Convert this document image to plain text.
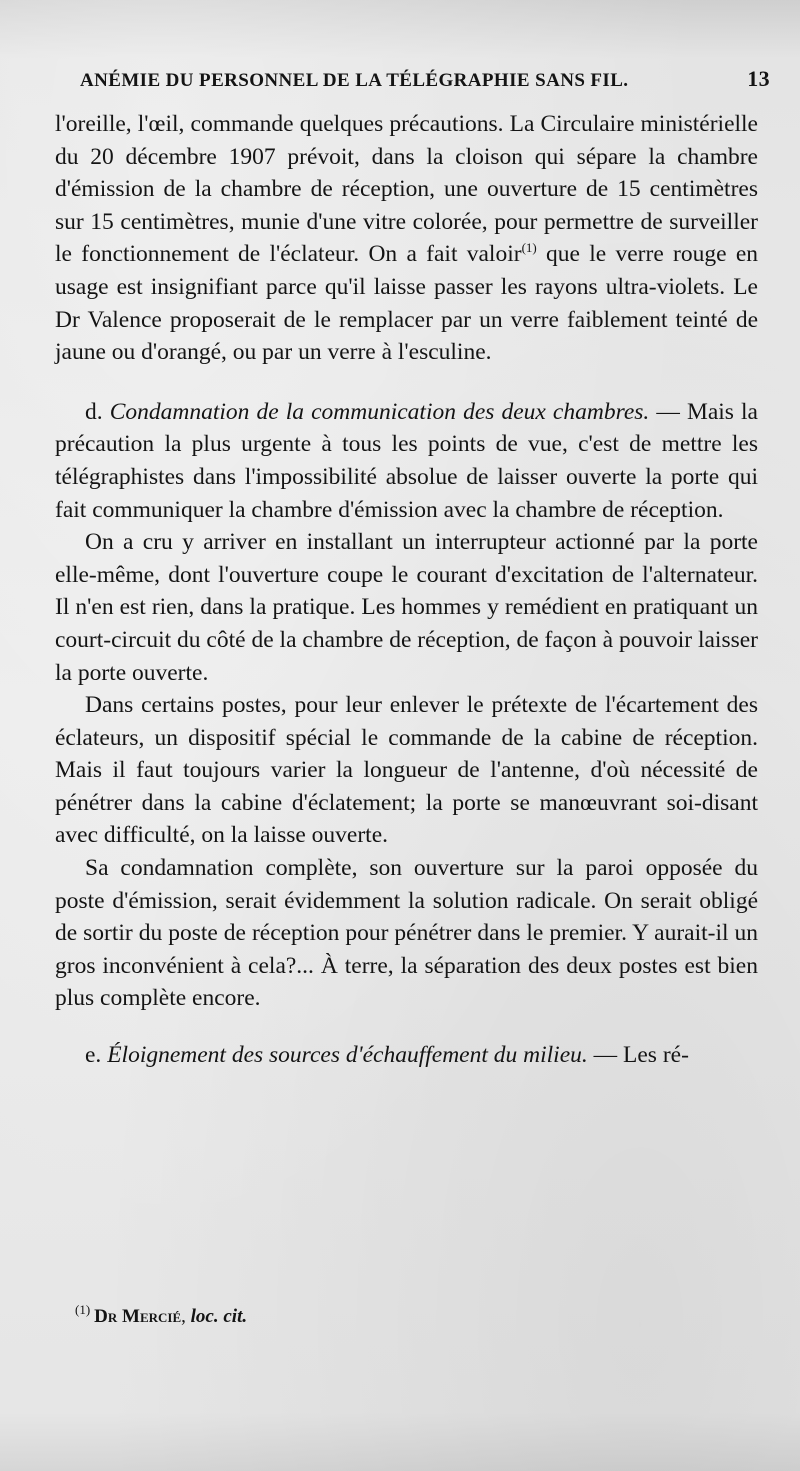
ANÉMIE DU PERSONNEL DE LA TÉLÉGRAPHIE SANS FIL.	13

l'oreille, l'œil, commande quelques précautions. La Circulaire ministérielle du 20 décembre 1907 prévoit, dans la cloison qui sépare la chambre d'émission de la chambre de réception, une ouverture de 15 centimètres sur 15 centimètres, munie d'une vitre colorée, pour permettre de surveiller le fonctionnement de l'éclateur. On a fait valoir$^{(1)}$ que le verre rouge en usage est insignifiant parce qu'il laisse passer les rayons ultra-violets. Le Dr Valence proposerait de le remplacer par un verre faiblement teinté de jaune ou d'orangé, ou par un verre à l'esculine.

d. Condamnation de la communication des deux chambres. — Mais la précaution la plus urgente à tous les points de vue, c'est de mettre les télégraphistes dans l'impossibilité absolue de laisser ouverte la porte qui fait communiquer la chambre d'émission avec la chambre de réception.

On a cru y arriver en installant un interrupteur actionné par la porte elle-même, dont l'ouverture coupe le courant d'excitation de l'alternateur. Il n'en est rien, dans la pratique. Les hommes y remédient en pratiquant un court-circuit du côté de la chambre de réception, de façon à pouvoir laisser la porte ouverte.

Dans certains postes, pour leur enlever le prétexte de l'écartement des éclateurs, un dispositif spécial le commande de la cabine de réception. Mais il faut toujours varier la longueur de l'antenne, d'où nécessité de pénétrer dans la cabine d'éclatement; la porte se manœuvrant soi-disant avec difficulté, on la laisse ouverte.

Sa condamnation complète, son ouverture sur la paroi opposée du poste d'émission, serait évidemment la solution radicale. On serait obligé de sortir du poste de réception pour pénétrer dans le premier. Y aurait-il un gros inconvénient à cela?... À terre, la séparation des deux postes est bien plus complète encore.

e. Éloignement des sources d'échauffement du milieu. — Les ré-

$^{(1)}$ Dr Mercié, loc. cit.
